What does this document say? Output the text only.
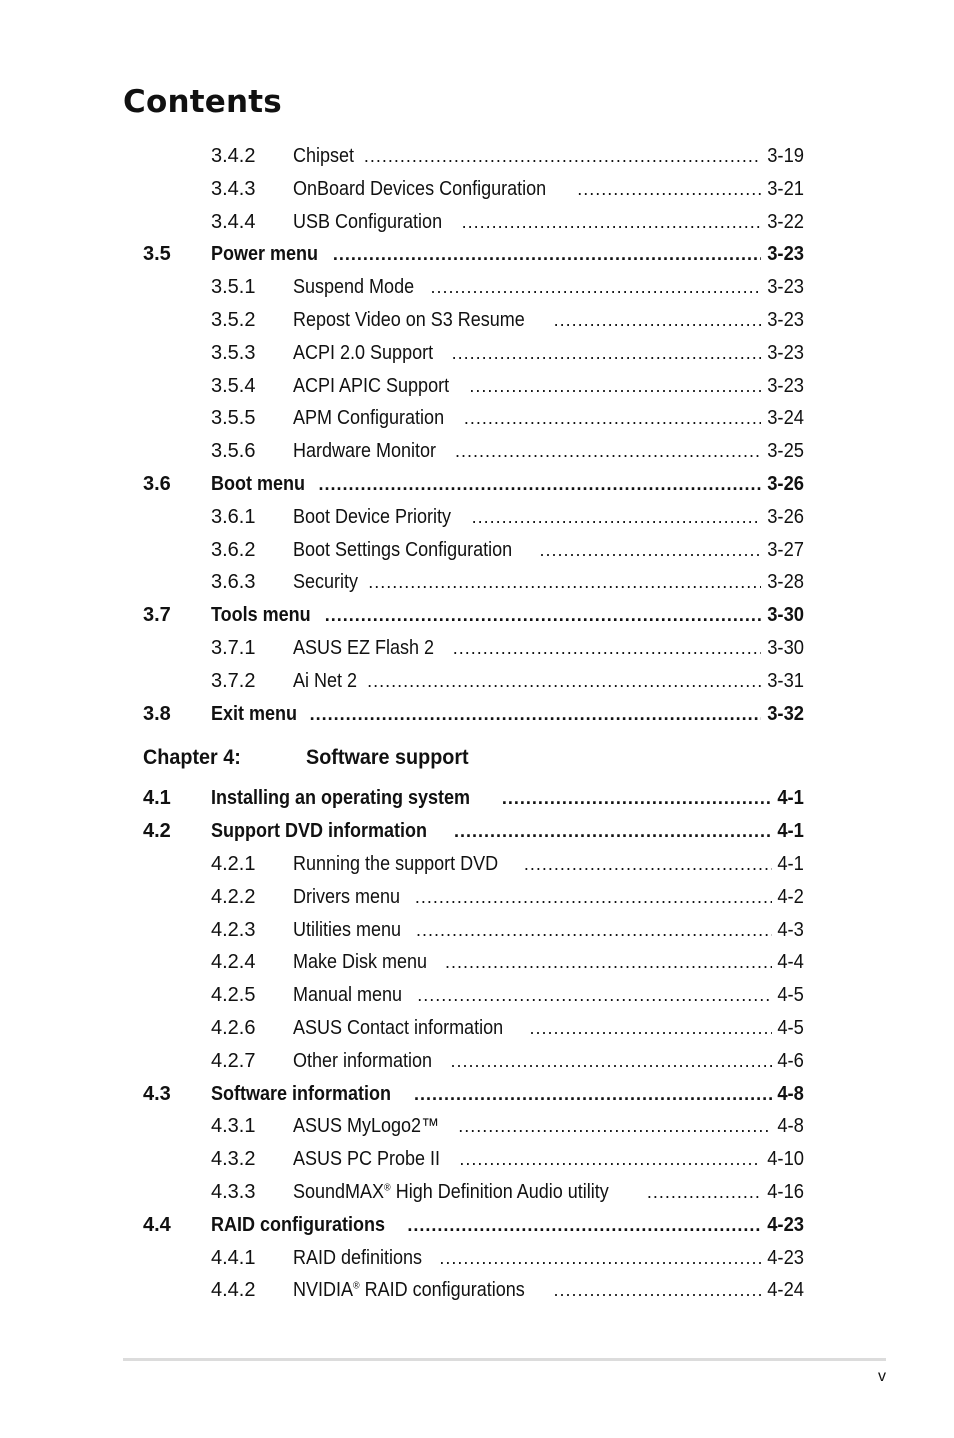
Contents
3.4.2 Chipset .....	3-19
3.4.3 OnBoard Devices Configuration .....	3-21
3.4.4 USB Configuration .....	3-22
3.5 Power menu .....	3-23
3.5.1 Suspend Mode .....	3-23
3.5.2 Repost Video on S3 Resume .....	3-23
3.5.3 ACPI 2.0 Support .....	3-23
3.5.4 ACPI APIC Support .....	3-23
3.5.5 APM Configuration .....	3-24
3.5.6 Hardware Monitor .....	3-25
3.6 Boot menu .....	3-26
3.6.1 Boot Device Priority .....	3-26
3.6.2 Boot Settings Configuration .....	3-27
3.6.3 Security .....	3-28
3.7 Tools menu .....	3-30
3.7.1 ASUS EZ Flash 2 .....	3-30
3.7.2 Ai Net 2 .....	3-31
3.8 Exit menu .....	3-32
Chapter 4:	Software support
4.1 Installing an operating system .....	4-1
4.2 Support DVD information .....	4-1
4.2.1 Running the support DVD .....	4-1
4.2.2 Drivers menu .....	4-2
4.2.3 Utilities menu .....	4-3
4.2.4 Make Disk menu .....	4-4
4.2.5 Manual menu .....	4-5
4.2.6 ASUS Contact information .....	4-5
4.2.7 Other information .....	4-6
4.3 Software information .....	4-8
4.3.1 ASUS MyLogo2™ .....	4-8
4.3.2 ASUS PC Probe II .....	4-10
4.3.3 SoundMAX® High Definition Audio utility .....	4-16
4.4 RAID configurations .....	4-23
4.4.1 RAID definitions .....	4-23
4.4.2 NVIDIA® RAID configurations .....	4-24
v
